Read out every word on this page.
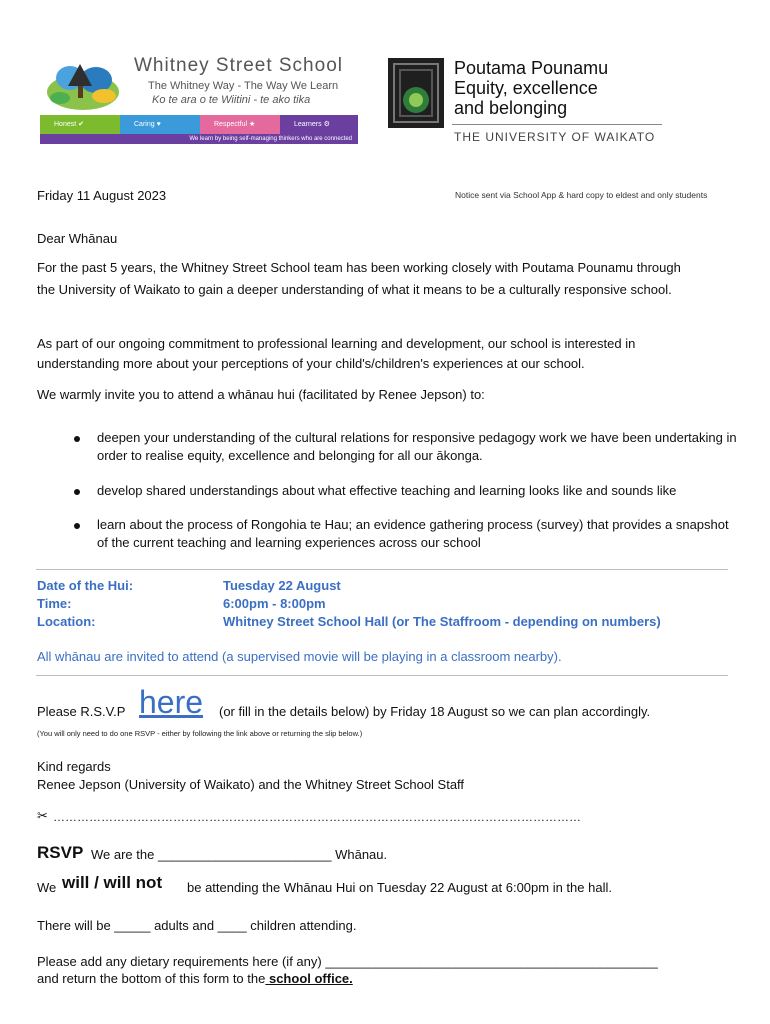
Whitney Street School
The Whitney Way - The Way We Learn
Ko te ara o te Wiitini - te ako tika
Honest ✔	Caring ♥	Respectful ★	Learners ⚙
We learn by being self-managing thinkers who are connected
Poutama Pounamu
Equity, excellence
and belonging
THE UNIVERSITY OF WAIKATO
Friday 11 August 2023	Notice sent via School App & hard copy to eldest and only students
Dear Whānau
For the past 5 years, the Whitney Street School team has been working closely with Poutama Pounamu through the University of Waikato to gain a deeper understanding of what it means to be a culturally responsive school.
As part of our ongoing commitment to professional learning and development, our school is interested in understanding more about your perceptions of your child's/children's experiences at our school.
We warmly invite you to attend a whānau hui (facilitated by Renee Jepson) to:
deepen your understanding of the cultural relations for responsive pedagogy work we have been undertaking in order to realise equity, excellence and belonging for all our ākonga.
develop shared understandings about what effective teaching and learning looks like and sounds like
learn about the process of Rongohia te Hau; an evidence gathering process (survey) that provides a snapshot of the current teaching and learning experiences across our school
Date of the Hui:	Tuesday 22 August
Time:	6:00pm - 8:00pm
Location:	Whitney Street School Hall (or The Staffroom - depending on numbers)
All whānau are invited to attend (a supervised movie will be playing in a classroom nearby).
Please R.S.V.P here (or fill in the details below) by Friday 18 August so we can plan accordingly.
(You will only need to do one RSVP - either by following the link above or returning the slip below.)
Kind regards
Renee Jepson (University of Waikato) and the Whitney Street School Staff
✂ ……………………………………………………………………………………………………………………
RSVP We are the ________________________ Whānau.
We will / will not be attending the Whānau Hui on Tuesday 22 August at 6:00pm in the hall.
There will be _____ adults and ____ children attending.
Please add any dietary requirements here (if any) ______________________________________________
and return the bottom of this form to the school office.
